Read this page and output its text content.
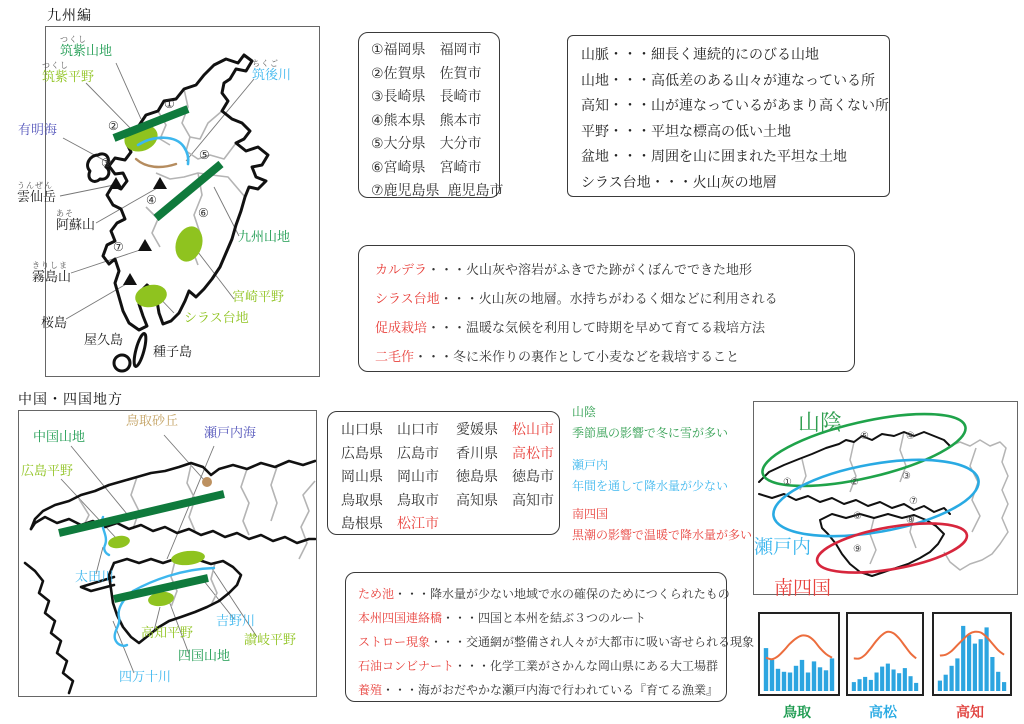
九州編
①
②
③
④
⑤
⑥
⑦
つくし
筑紫山地
つくし
筑紫平野
ちくご
筑後川
有明海
うんぜん
雲仙岳
あそ
阿蘇山
きりしま
霧島山
桜島
屋久島
種子島
九州山地
宮崎平野
シラス台地
①福岡県 福岡市
②佐賀県 佐賀市
③長崎県 長崎市
④熊本県 熊本市
⑤大分県 大分市
⑥宮崎県 宮崎市
⑦鹿児島県 鹿児島市
山脈・・・細長く連続的にのびる山地
山地・・・高低差のある山々が連なっている所
高知・・・山が連なっているがあまり高くない所
平野・・・平坦な標高の低い土地
盆地・・・周囲を山に囲まれた平坦な土地
シラス台地・・・火山灰の地層
カルデラ・・・火山灰や溶岩がふきでた跡がくぼんでできた地形
シラス台地・・・火山灰の地層。水持ちがわるく畑などに利用される
促成栽培・・・温暖な気候を利用して時期を早めて育てる栽培方法
二毛作・・・冬に米作りの裏作として小麦などを栽培すること
中国・四国地方
中国山地
鳥取砂丘
瀬戸内海
広島平野
太田川
四万十川
高知平野
四国山地
吉野川
讃岐平野
山口県 山口市
広島県 広島市
岡山県 岡山市
鳥取県 鳥取市
島根県 松江市
愛媛県 松山市
香川県 高松市
徳島県 徳島市
高知県 高知市
山陰
季節風の影響で冬に雪が多い
瀬戸内
年間を通して降水量が少ない
南四国
黒潮の影響で温暖で降水量が多い
⑤	④
①	②
③
⑥
⑦
⑧
⑨
山陰
瀬戸内
南四国
ため池・・・降水量が少ない地域で水の確保のためにつくられたもの
本州四国連絡橋・・・四国と本州を結ぶ３つのルート
ストロー現象・・・交通網が整備され人々が大都市に吸い寄せられる現象
石油コンビナート・・・化学工業がさかんな岡山県にある大工場群
養殖・・・海がおだやかな瀬戸内海で行われている『育てる漁業』
鳥取	高松	高知
